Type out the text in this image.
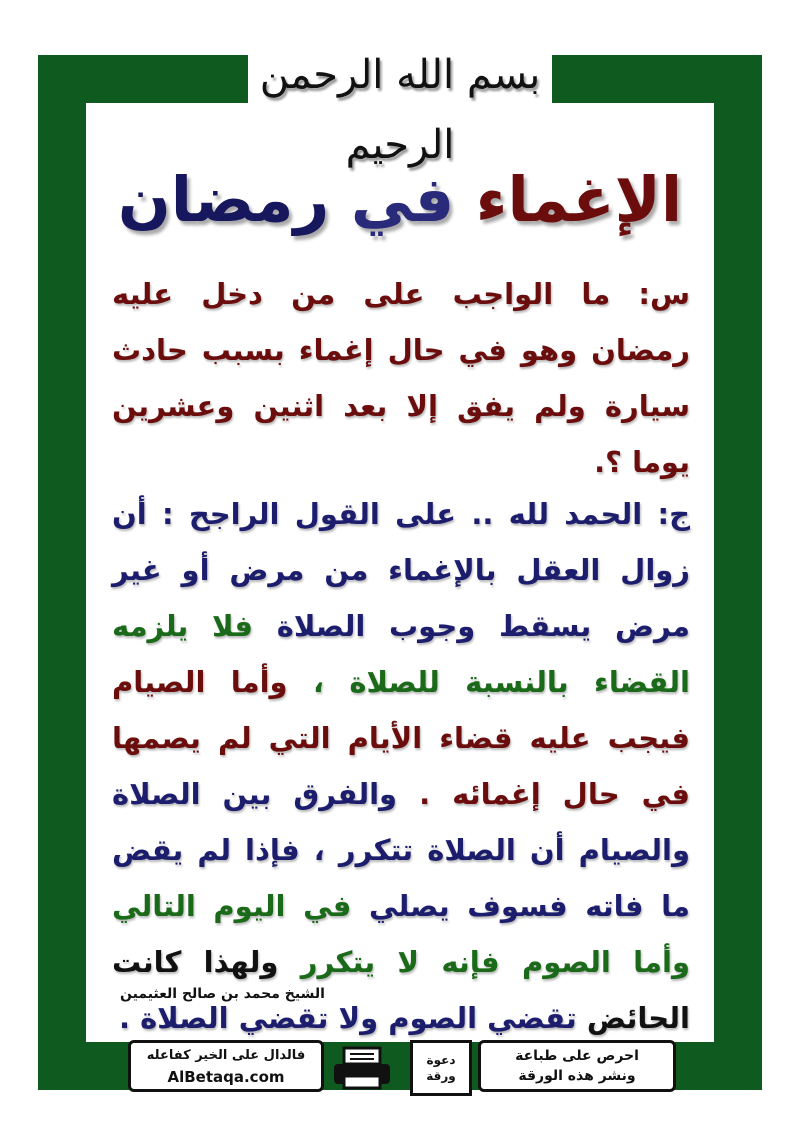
بسم الله الرحمن الرحيم
الإغماء في رمضان
س: ما الواجب على من دخل عليه رمضان وهو في حال إغماء بسبب حادث سيارة ولم يفق إلا بعد اثنين وعشرين يوما ؟.
ج: الحمد لله .. على القول الراجح : أن زوال العقل بالإغماء من مرض أو غير مرض يسقط وجوب الصلاة فلا يلزمه القضاء بالنسبة للصلاة ، وأما الصيام فيجب عليه قضاء الأيام التي لم يصمها في حال إغمائه . والفرق بين الصلاة والصيام أن الصلاة تتكرر ، فإذا لم يقض ما فاته فسوف يصلي في اليوم التالي وأما الصوم فإنه لا يتكرر ولهذا كانت الحائض تقضي الصوم ولا تقضي الصلاة .
الشيخ محمد بن صالح العثيمين
احرص على طباعة
ونشر هذه الورقة
دعوة ورقة
فالدال على الخير كفاعله
AlBetaqa.com
